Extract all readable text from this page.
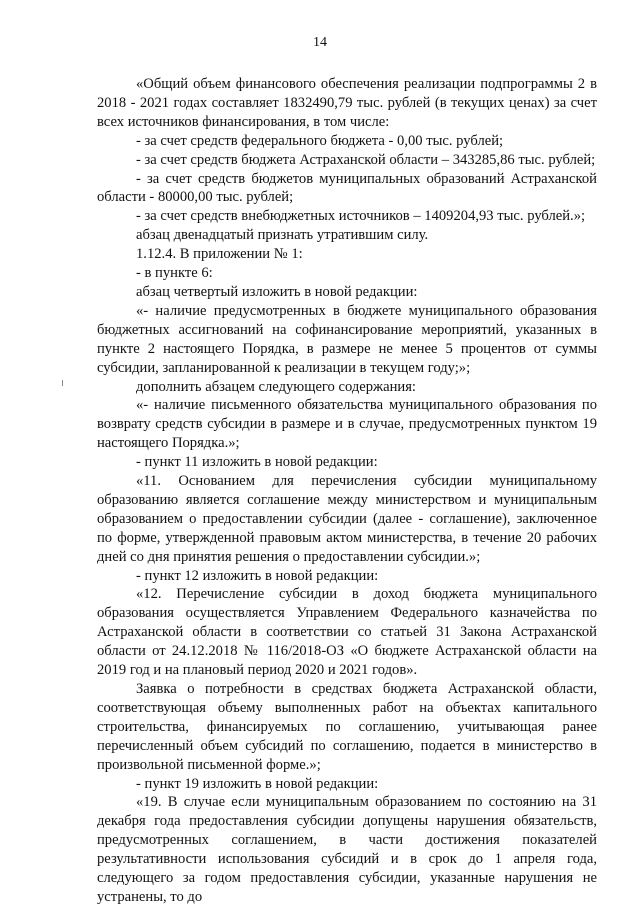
14

«Общий объем финансового обеспечения реализации подпрограммы 2 в 2018 - 2021 годах составляет 1832490,79 тыс. рублей (в текущих ценах) за счет всех источников финансирования, в том числе:

- за счет средств федерального бюджета - 0,00 тыс. рублей;

- за счет средств бюджета Астраханской области – 343285,86 тыс. рублей;

- за счет средств бюджетов муниципальных образований Астраханской области - 80000,00 тыс. рублей;

- за счет средств внебюджетных источников – 1409204,93 тыс. рублей.»;

абзац двенадцатый признать утратившим силу.

1.12.4. В приложении № 1:

- в пункте 6:

абзац четвертый изложить в новой редакции:

«- наличие предусмотренных в бюджете муниципального образования бюджетных ассигнований на софинансирование мероприятий, указанных в пункте 2 настоящего Порядка, в размере не менее 5 процентов от суммы субсидии, запланированной к реализации в текущем году;»;

дополнить абзацем следующего содержания:

«- наличие письменного обязательства муниципального образования по возврату средств субсидии в размере и в случае, предусмотренных пунктом 19 настоящего Порядка.»;

- пункт 11 изложить в новой редакции:

«11. Основанием для перечисления субсидии муниципальному образованию является соглашение между министерством и муниципальным образованием о предоставлении субсидии (далее - соглашение), заключенное по форме, утвержденной правовым актом министерства, в течение 20 рабочих дней со дня принятия решения о предоставлении субсидии.»;

- пункт 12 изложить в новой редакции:

«12. Перечисление субсидии в доход бюджета муниципального образования осуществляется Управлением Федерального казначейства по Астраханской области в соответствии со статьей 31 Закона Астраханской области от 24.12.2018 № 116/2018-ОЗ «О бюджете Астраханской области на 2019 год и на плановый период 2020 и 2021 годов».

Заявка о потребности в средствах бюджета Астраханской области, соответствующая объему выполненных работ на объектах капитального строительства, финансируемых по соглашению, учитывающая ранее перечисленный объем субсидий по соглашению, подается в министерство в произвольной письменной форме.»;

- пункт 19 изложить в новой редакции:

«19. В случае если муниципальным образованием по состоянию на 31 декабря года предоставления субсидии допущены нарушения обязательств, предусмотренных соглашением, в части достижения показателей результативности использования субсидий и в срок до 1 апреля года, следующего за годом предоставления субсидии, указанные нарушения не устранены, то до
